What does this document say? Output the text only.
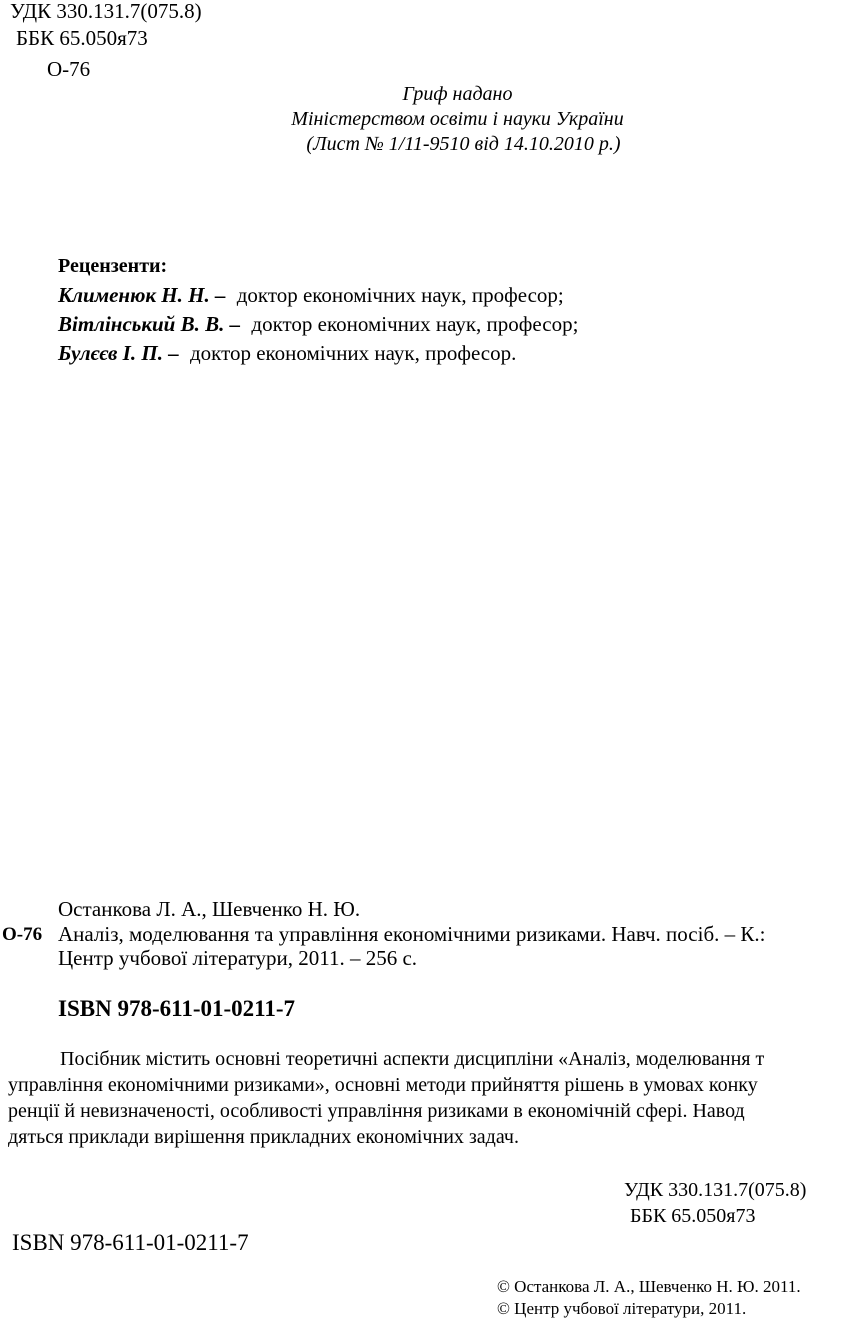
УДК 330.131.7(075.8)
ББК 65.050я73
О-76
Гриф надано
Міністерством освіти і науки України
(Лист № 1/11-9510 від 14.10.2010 р.)
Рецензенти:
Клименюк Н. Н. – доктор економічних наук, професор;
Вітлінський В. В. – доктор економічних наук, професор;
Булєєв І. П. – доктор економічних наук, професор.
О-76
Останкова Л. А., Шевченко Н. Ю.
Аналіз, моделювання та управління економічними ризиками. Навч. посіб. – К.:
Центр учбової літератури, 2011. – 256 с.
ISBN 978-611-01-0211-7
Посібник містить основні теоретичні аспекти дисципліни «Аналіз, моделювання т
управління економічними ризиками», основні методи прийняття рішень в умовах конку
ренції й невизначеності, особливості управління ризиками в економічній сфері. Навод
дяться приклади вирішення прикладних економічних задач.
УДК 330.131.7(075.8)
ББК 65.050я73
ISBN 978-611-01-0211-7
© Останкова Л. А., Шевченко Н. Ю. 2011.
© Центр учбової літератури, 2011.
